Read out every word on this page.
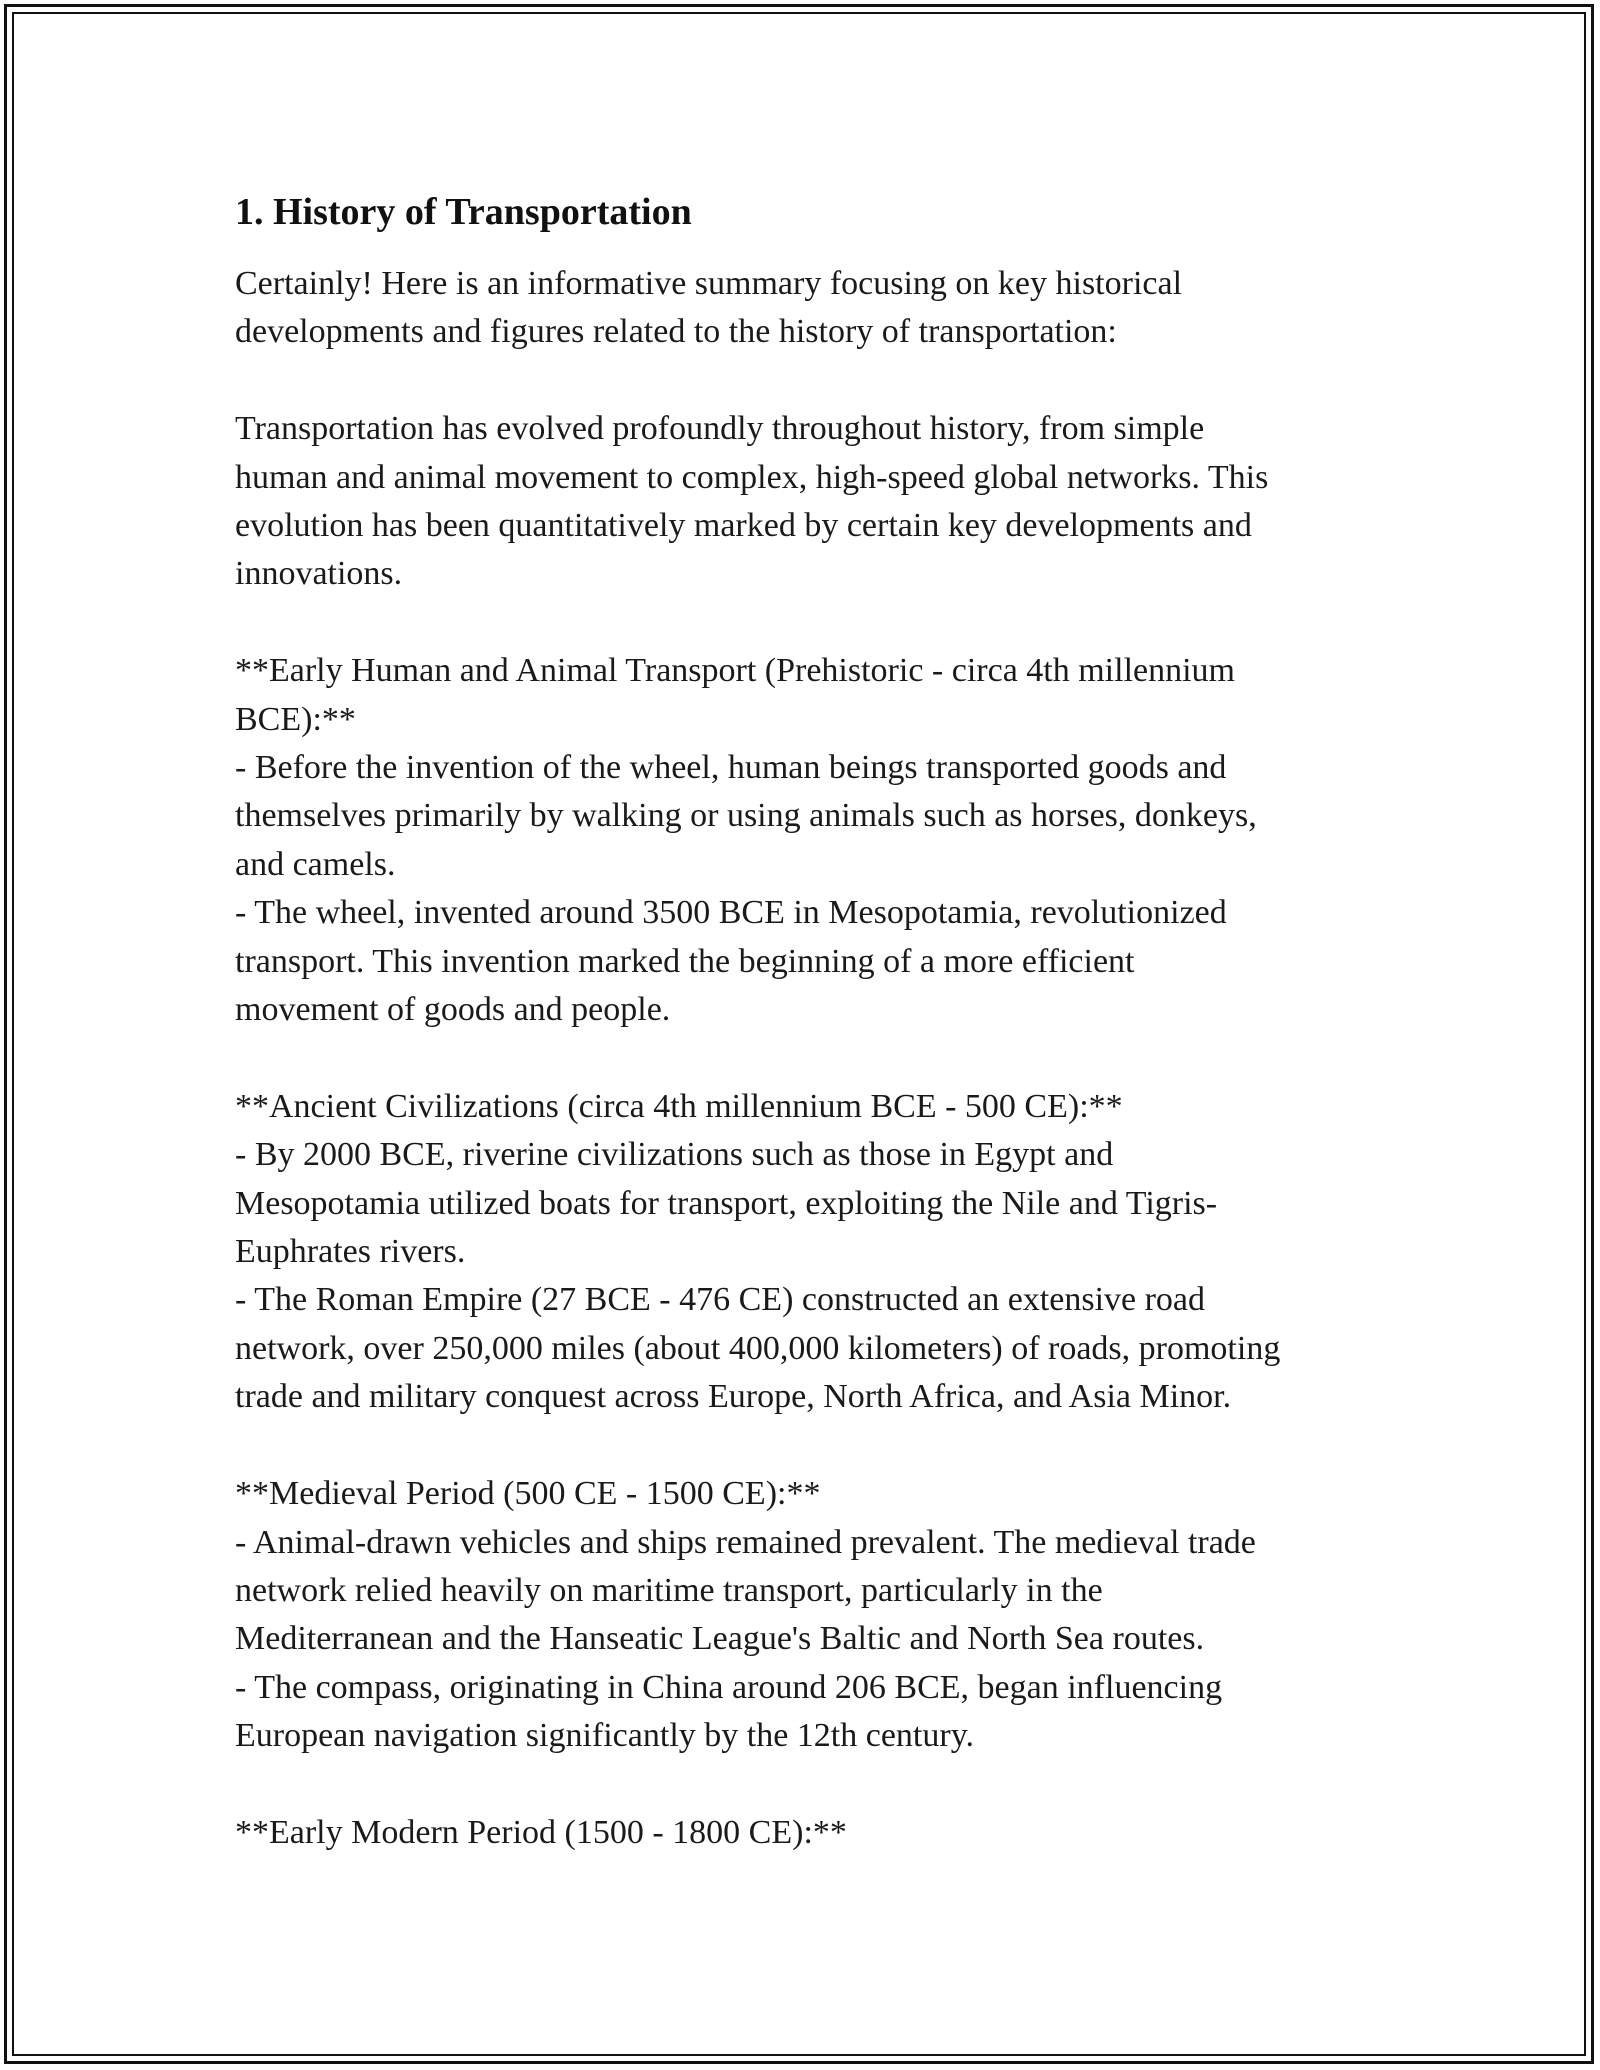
1. History of Transportation

Certainly! Here is an informative summary focusing on key historical
developments and figures related to the history of transportation:

Transportation has evolved profoundly throughout history, from simple
human and animal movement to complex, high-speed global networks. This
evolution has been quantitatively marked by certain key developments and
innovations.

**Early Human and Animal Transport (Prehistoric - circa 4th millennium
BCE):**
- Before the invention of the wheel, human beings transported goods and
themselves primarily by walking or using animals such as horses, donkeys,
and camels.
- The wheel, invented around 3500 BCE in Mesopotamia, revolutionized
transport. This invention marked the beginning of a more efficient
movement of goods and people.

**Ancient Civilizations (circa 4th millennium BCE - 500 CE):**
- By 2000 BCE, riverine civilizations such as those in Egypt and
Mesopotamia utilized boats for transport, exploiting the Nile and Tigris-
Euphrates rivers.
- The Roman Empire (27 BCE - 476 CE) constructed an extensive road
network, over 250,000 miles (about 400,000 kilometers) of roads, promoting
trade and military conquest across Europe, North Africa, and Asia Minor.

**Medieval Period (500 CE - 1500 CE):**
- Animal-drawn vehicles and ships remained prevalent. The medieval trade
network relied heavily on maritime transport, particularly in the
Mediterranean and the Hanseatic League's Baltic and North Sea routes.
- The compass, originating in China around 206 BCE, began influencing
European navigation significantly by the 12th century.

**Early Modern Period (1500 - 1800 CE):**
